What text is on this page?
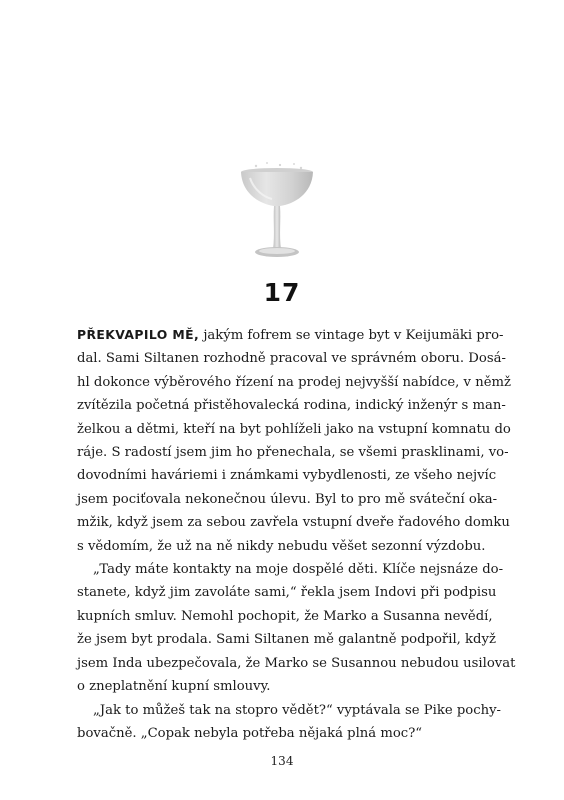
17
PŘEKVAPILO MĚ, jakým fofrem se vintage byt v Keijumäki pro-
dal. Sami Siltanen rozhodně pracoval ve správném oboru. Dosá-
hl dokonce výběrového řízení na prodej nejvyšší nabídce, v němž
zvítězila početná přistěhovalecká rodina, indický inženýr s man-
želkou a dětmi, kteří na byt pohlíželi jako na vstupní komnatu do
ráje. S radostí jsem jim ho přenechala, se všemi prasklinami, vo-
dovodními haváriemi i známkami vybydlenosti, ze všeho nejvíc
jsem pociťovala nekonečnou úlevu. Byl to pro mě sváteční oka-
mžik, když jsem za sebou zavřela vstupní dveře řadového domku
s vědomím, že už na ně nikdy nebudu věšet sezonní výzdobu.
„Tady máte kontakty na moje dospělé děti. Klíče nejsnáze do-
stanete, když jim zavoláte sami,“ řekla jsem Indovi při podpisu
kupních smluv. Nemohl pochopit, že Marko a Susanna nevědí,
že jsem byt prodala. Sami Siltanen mě galantně podpořil, když
jsem Inda ubezpečovala, že Marko se Susannou nebudou usilovat
o zneplatnění kupní smlouvy.
„Jak to můžeš tak na stopro vědět?“ vyptávala se Pike pochy-
bovačně. „Copak nebyla potřeba nějaká plná moc?“
134
